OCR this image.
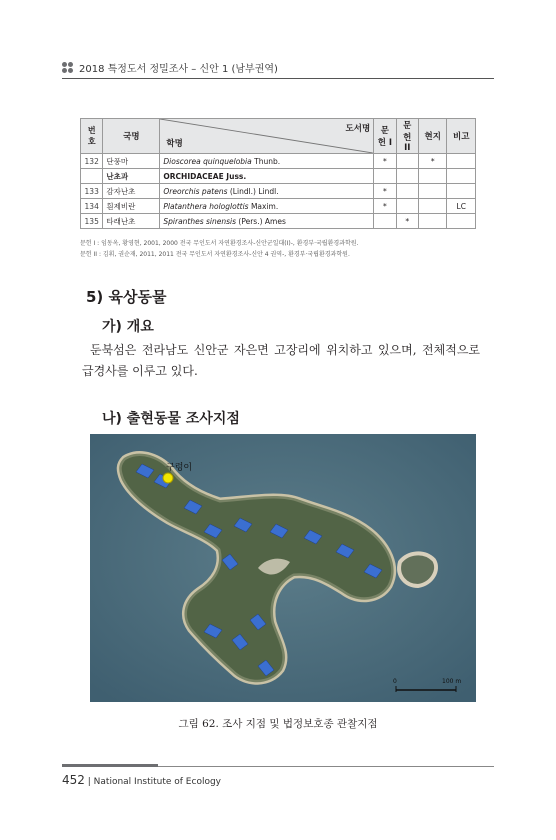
2018 특정도서 정밀조사 – 신안 1 (남부권역)
번호	국명	도서명
학명	문헌 I	문헌 II	현지	비고
132	단풍마	Dioscorea quinquelobia Thunb.	*		*	
	난초과	ORCHIDACEAE Juss.				
133	감자난초	Oreorchis patens (Lindl.) Lindl.	*			
134	흰제비란	Platanthera hologlottis Maxim.	*			LC
135	타래난초	Spiranthes sinensis (Pers.) Ames		*		
문헌 I : 임동옥, 황영현, 2001, 2000 전국 무인도서 자연환경조사-신안군일대(Ⅰ)-, 환경부·국립환경과학원.
문헌 II : 김휘, 권순재, 2011, 2011 전국 무인도서 자연환경조사-신안 4 권역-, 환경부·국립환경과학원.
5) 육상동물
가) 개요
둔북섬은 전라남도 신안군 자은면 고장리에 위치하고 있으며, 전체적으로 급경사를 이루고 있다.
나) 출현동물 조사지점
구렁이
0	100 m
그림 62. 조사 지점 및 법정보호종 관찰지점
452 | National Institute of Ecology
